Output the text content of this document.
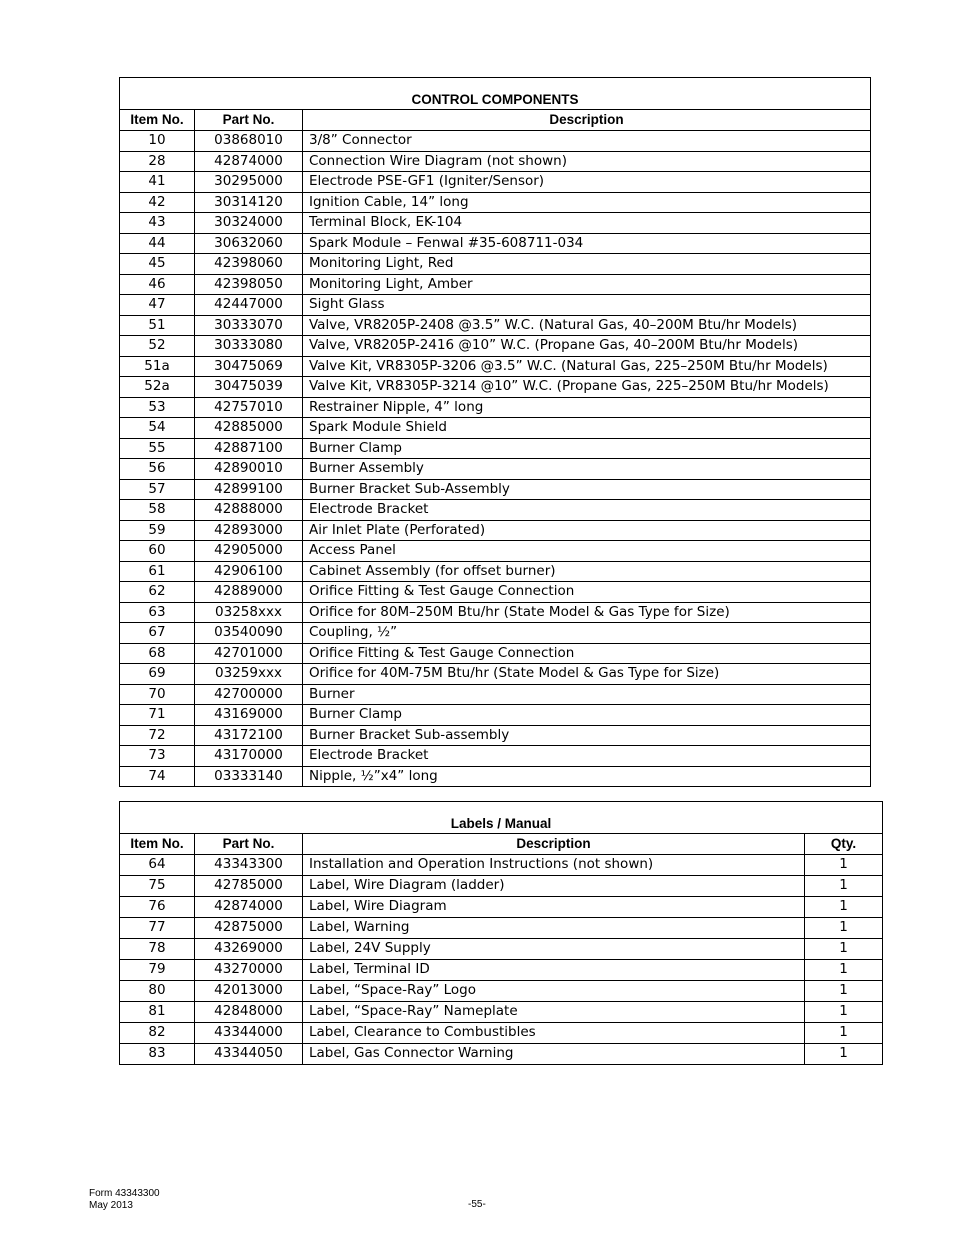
CONTROL COMPONENTS		
Item No.	Part No.	Description
10	03868010	3/8” Connector
28	42874000	Connection Wire Diagram (not shown)
41	30295000	Electrode PSE-GF1 (Igniter/Sensor)
42	30314120	Ignition Cable, 14” long
43	30324000	Terminal Block, EK-104
44	30632060	Spark Module – Fenwal #35-608711-034
45	42398060	Monitoring Light, Red
46	42398050	Monitoring Light, Amber
47	42447000	Sight Glass
51	30333070	Valve, VR8205P-2408 @3.5” W.C. (Natural Gas, 40–200M Btu/hr Models)
52	30333080	Valve, VR8205P-2416 @10” W.C. (Propane Gas, 40–200M Btu/hr Models)
51a	30475069	Valve Kit, VR8305P-3206 @3.5” W.C. (Natural Gas, 225–250M Btu/hr Models)
52a	30475039	Valve Kit, VR8305P-3214 @10” W.C. (Propane Gas, 225–250M Btu/hr Models)
53	42757010	Restrainer Nipple, 4” long
54	42885000	Spark Module Shield
55	42887100	Burner Clamp
56	42890010	Burner Assembly
57	42899100	Burner Bracket Sub-Assembly
58	42888000	Electrode Bracket
59	42893000	Air Inlet Plate (Perforated)
60	42905000	Access Panel
61	42906100	Cabinet Assembly (for offset burner)
62	42889000	Orifice Fitting & Test Gauge Connection
63	03258xxx	Orifice for 80M–250M Btu/hr (State Model & Gas Type for Size)
67	03540090	Coupling, ½”
68	42701000	Orifice Fitting & Test Gauge Connection
69	03259xxx	Orifice for 40M-75M Btu/hr (State Model & Gas Type for Size)
70	42700000	Burner
71	43169000	Burner Clamp
72	43172100	Burner Bracket Sub-assembly
73	43170000	Electrode Bracket
74	03333140	Nipple, ½”x4” long
Labels / Manual			
Item No.	Part No.	Description	Qty.
64	43343300	Installation and Operation Instructions (not shown)	1
75	42785000	Label, Wire Diagram (ladder)	1
76	42874000	Label, Wire Diagram	1
77	42875000	Label, Warning	1
78	43269000	Label, 24V Supply	1
79	43270000	Label, Terminal ID	1
80	42013000	Label, “Space-Ray” Logo	1
81	42848000	Label, “Space-Ray” Nameplate	1
82	43344000	Label, Clearance to Combustibles	1
83	43344050	Label, Gas Connector Warning	1
Form 43343300
May 2013	-55-
